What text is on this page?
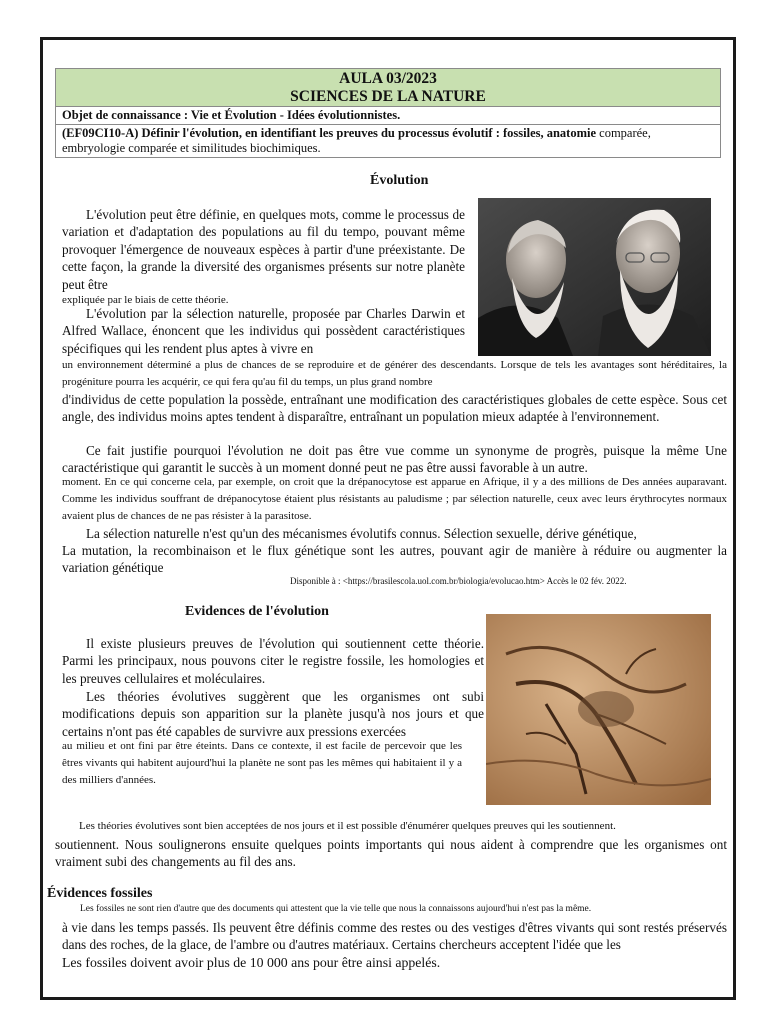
AULA 03/2023
SCIENCES DE LA NATURE
Objet de connaissance : Vie et Évolution - Idées évolutionnistes.
(EF09CI10-A) Définir l'évolution, en identifiant les preuves du processus évolutif : fossiles, anatomie comparée, embryologie comparée et similitudes biochimiques.
Évolution

L'évolution peut être définie, en quelques mots, comme le processus de variation et d'adaptation des populations au fil du tempo, pouvant même provoquer l'émergence de nouveaux espèces à partir d'une préexistante. De cette façon, la grande la diversité des organismes présents sur notre planète peut être

expliquée par le biais de cette théorie.

L'évolution par la sélection naturelle, proposée par Charles Darwin et Alfred Wallace, énoncent que les individus qui possèdent caractéristiques spécifiques qui les rendent plus aptes à vivre en

un environnement déterminé a plus de chances de se reproduire et de générer des descendants. Lorsque de tels les avantages sont héréditaires, la progéniture pourra les acquérir, ce qui fera qu'au fil du temps, un plus grand nombre

d'individus de cette population la possède, entraînant une modification des caractéristiques globales de cette espèce. Sous cet angle, des individus moins aptes tendent à disparaître, entraînant un population mieux adaptée à l'environnement.

Ce fait justifie pourquoi l'évolution ne doit pas être vue comme un synonyme de progrès, puisque la même Une caractéristique qui garantit le succès à un moment donné peut ne pas être aussi favorable à un autre.

moment. En ce qui concerne cela, par exemple, on croit que la drépanocytose est apparue en Afrique, il y a des millions de Des années auparavant. Comme les individus souffrant de drépanocytose étaient plus résistants au paludisme ; par sélection naturelle, ceux avec leurs érythrocytes normaux avaient plus de chances de ne pas résister à la parasitose.

La sélection naturelle n'est qu'un des mécanismes évolutifs connus. Sélection sexuelle, dérive génétique,

La mutation, la recombinaison et le flux génétique sont les autres, pouvant agir de manière à réduire ou augmenter la variation génétique

Disponible à : <https://brasilescola.uol.com.br/biologia/evolucao.htm> Accès le 02 fév. 2022.
Evidences de l'évolution

Il existe plusieurs preuves de l'évolution qui soutiennent cette théorie. Parmi les principaux, nous pouvons citer le registre fossile, les homologies et les preuves cellulaires et moléculaires.

Les théories évolutives suggèrent que les organismes ont subi modifications depuis son apparition sur la planète jusqu'à nos jours et que certains n'ont pas été capables de survivre aux pressions exercées

au milieu et ont fini par être éteints. Dans ce contexte, il est facile de percevoir que les êtres vivants qui habitent aujourd'hui la planète ne sont pas les mêmes qui habitaient il y a des milliers d'années.

Les théories évolutives sont bien acceptées de nos jours et il est possible d'énumérer quelques preuves qui les soutiennent.

soutiennent. Nous soulignerons ensuite quelques points importants qui nous aident à comprendre que les organismes ont vraiment subi des changements au fil des ans.

Évidences fossiles

Les fossiles ne sont rien d'autre que des documents qui attestent que la vie telle que nous la connaissons aujourd'hui n'est pas la même.

à vie dans les temps passés. Ils peuvent être définis comme des restes ou des vestiges d'êtres vivants qui sont restés préservés dans des roches, de la glace, de l'ambre ou d'autres matériaux. Certains chercheurs acceptent l'idée que les

Les fossiles doivent avoir plus de 10 000 ans pour être ainsi appelés.
